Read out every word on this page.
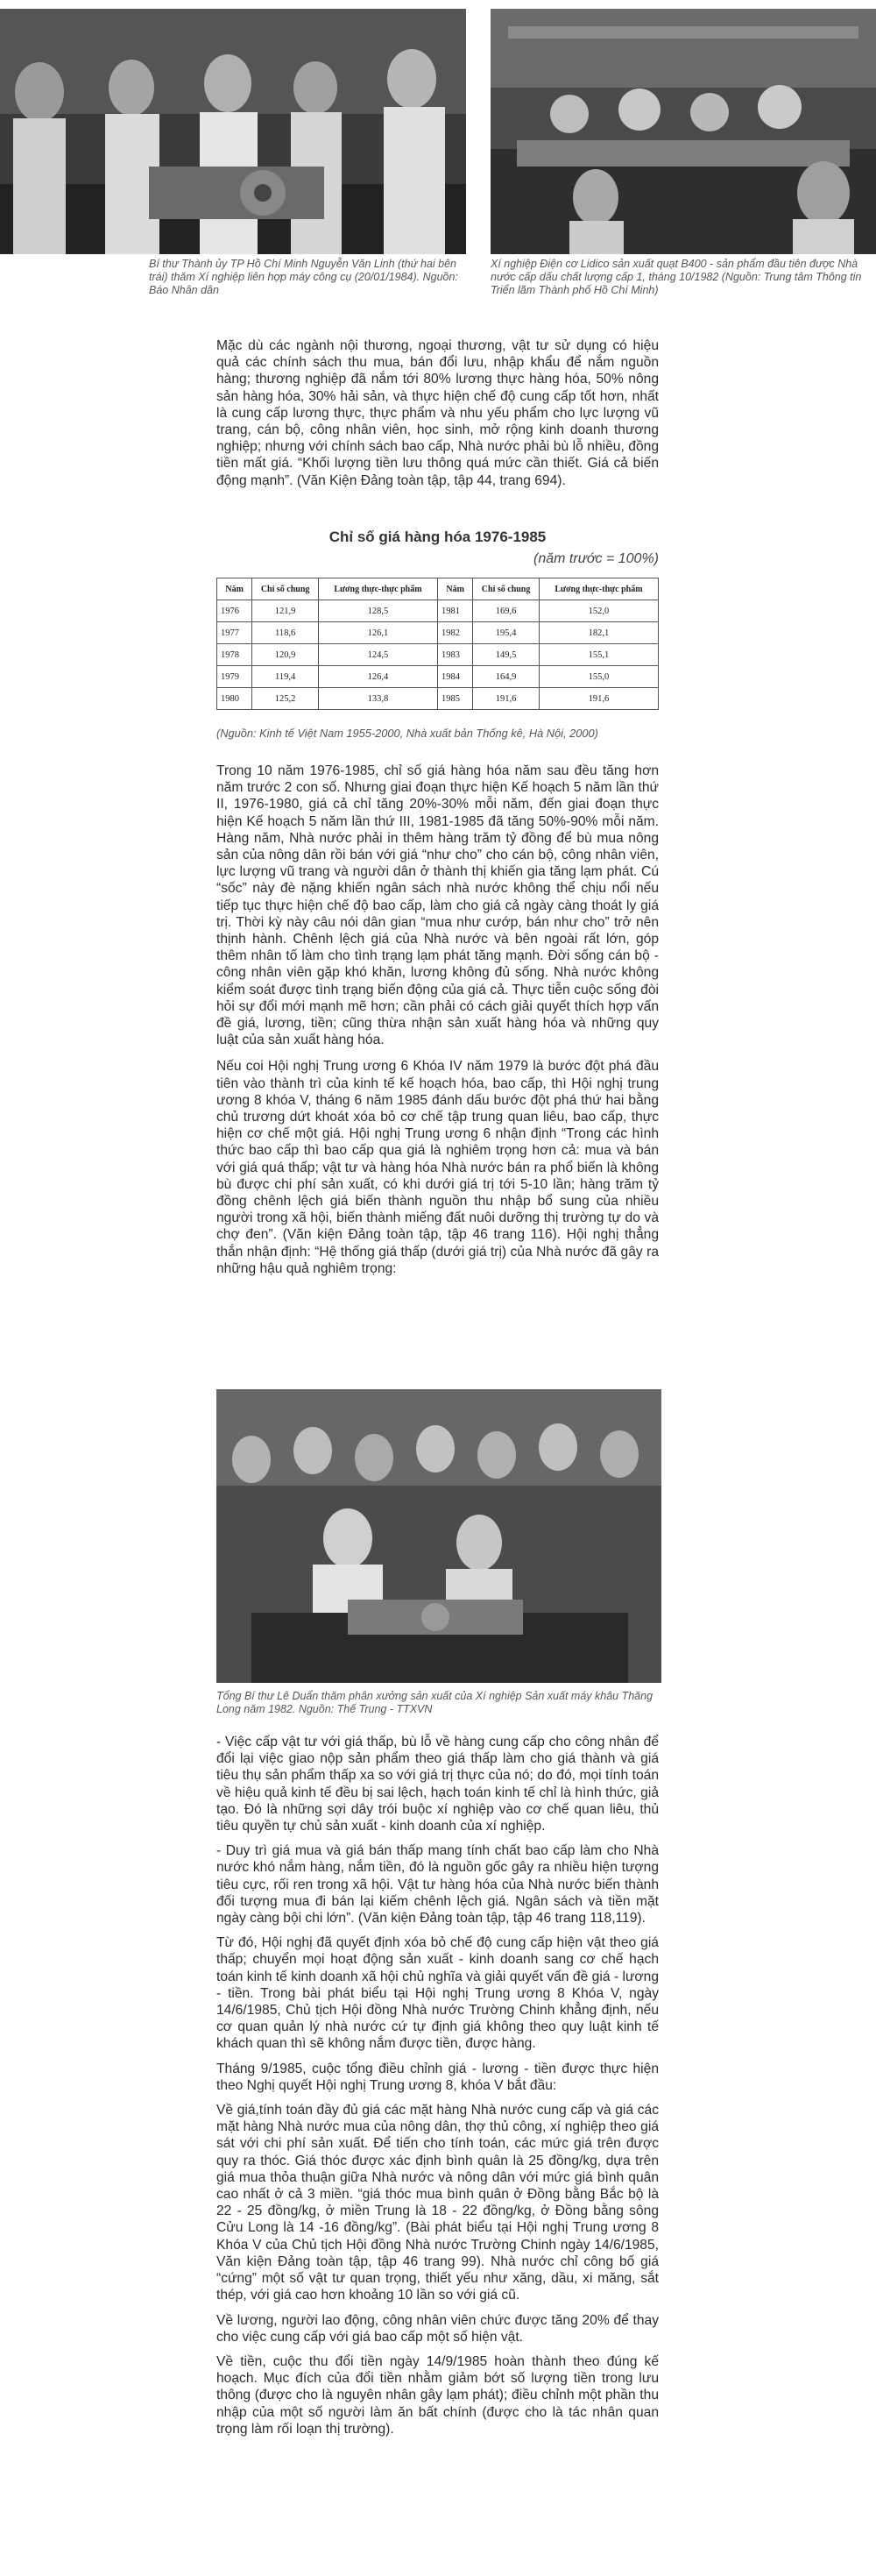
Bí thư Thành ủy TP Hồ Chí Minh Nguyễn Văn Linh (thứ hai bên trái) thăm Xí nghiệp liên hợp máy công cụ (20/01/1984). Nguồn: Báo Nhân dân
Xí nghiệp Điện cơ Lidico sản xuất quạt B400 - sản phẩm đầu tiên được Nhà nước cấp dấu chất lượng cấp 1, tháng 10/1982 (Nguồn: Trung tâm Thông tin Triển lãm Thành phố Hồ Chí Minh)

Mặc dù các ngành nội thương, ngoại thương, vật tư sử dụng có hiệu quả các chính sách thu mua, bán đổi lưu, nhập khẩu để nắm nguồn hàng; thương nghiệp đã nắm tới 80% lương thực hàng hóa, 50% nông sản hàng hóa, 30% hải sản, và thực hiện chế độ cung cấp tốt hơn, nhất là cung cấp lương thực, thực phẩm và nhu yếu phẩm cho lực lượng vũ trang, cán bộ, công nhân viên, học sinh, mở rộng kinh doanh thương nghiệp; nhưng với chính sách bao cấp, Nhà nước phải bù lỗ nhiều, đồng tiền mất giá. “Khối lượng tiền lưu thông quá mức cần thiết. Giá cả biến động mạnh”. (Văn Kiện Đảng toàn tập, tập 44, trang 694).

Chỉ số giá hàng hóa 1976-1985
(năm trước = 100%)
Năm	Chỉ số chung	Lương thực-thực phẩm	Năm	Chỉ số chung	Lương thực-thực phẩm
1976	121,9	128,5	1981	169,6	152,0
1977	118,6	126,1	1982	195,4	182,1
1978	120,9	124,5	1983	149,5	155,1
1979	119,4	126,4	1984	164,9	155,0
1980	125,2	133,8	1985	191,6	191,6
(Nguồn: Kinh tế Việt Nam 1955-2000, Nhà xuất bản Thống kê, Hà Nội, 2000)

Trong 10 năm 1976-1985, chỉ số giá hàng hóa năm sau đều tăng hơn năm trước 2 con số. Nhưng giai đoạn thực hiện Kế hoạch 5 năm lần thứ II, 1976-1980, giá cả chỉ tăng 20%-30% mỗi năm, đến giai đoạn thực hiện Kế hoạch 5 năm lần thứ III, 1981-1985 đã tăng 50%-90% mỗi năm. Hàng năm, Nhà nước phải in thêm hàng trăm tỷ đồng để bù mua nông sản của nông dân rồi bán với giá “như cho” cho cán bộ, công nhân viên, lực lượng vũ trang và người dân ở thành thị khiến gia tăng lạm phát. Cú “sốc” này đè nặng khiến ngân sách nhà nước không thể chịu nổi nếu tiếp tục thực hiện chế độ bao cấp, làm cho giá cả ngày càng thoát ly giá trị. Thời kỳ này câu nói dân gian “mua như cướp, bán như cho” trở nên thịnh hành. Chênh lệch giá của Nhà nước và bên ngoài rất lớn, góp thêm nhân tố làm cho tình trạng lạm phát tăng mạnh. Đời sống cán bộ - công nhân viên gặp khó khăn, lương không đủ sống. Nhà nước không kiểm soát được tình trạng biến động của giá cả. Thực tiễn cuộc sống đòi hỏi sự đổi mới mạnh mẽ hơn; cần phải có cách giải quyết thích hợp vấn đề giá, lương, tiền; cũng thừa nhận sản xuất hàng hóa và những quy luật của sản xuất hàng hóa.

Nếu coi Hội nghị Trung ương 6 Khóa IV năm 1979 là bước đột phá đầu tiên vào thành trì của kinh tế kế hoạch hóa, bao cấp, thì Hội nghị trung ương 8 khóa V, tháng 6 năm 1985 đánh dấu bước đột phá thứ hai bằng chủ trương dứt khoát xóa bỏ cơ chế tập trung quan liêu, bao cấp, thực hiện cơ chế một giá. Hội nghị Trung ương 6 nhận định “Trong các hình thức bao cấp thì bao cấp qua giá là nghiêm trọng hơn cả: mua và bán với giá quá thấp; vật tư và hàng hóa Nhà nước bán ra phổ biến là không bù được chi phí sản xuất, có khi dưới giá trị tới 5-10 lần; hàng trăm tỷ đồng chênh lệch giá biến thành nguồn thu nhập bổ sung của nhiều người trong xã hội, biến thành miếng đất nuôi dưỡng thị trường tự do và chợ đen”. (Văn kiện Đảng toàn tập, tập 46 trang 116). Hội nghị thẳng thắn nhận định: “Hệ thống giá thấp (dưới giá trị) của Nhà nước đã gây ra những hậu quả nghiêm trọng:

Tổng Bí thư Lê Duẩn thăm phân xưởng sản xuất của Xí nghiệp Sản xuất máy khâu Thăng Long năm 1982. Nguồn: Thế Trung - TTXVN

- Việc cấp vật tư với giá thấp, bù lỗ về hàng cung cấp cho công nhân để đổi lại việc giao nộp sản phẩm theo giá thấp làm cho giá thành và giá tiêu thụ sản phẩm thấp xa so với giá trị thực của nó; do đó, mọi tính toán về hiệu quả kinh tế đều bị sai lệch, hạch toán kinh tế chỉ là hình thức, giả tạo. Đó là những sợi dây trói buộc xí nghiệp vào cơ chế quan liêu, thủ tiêu quyền tự chủ sản xuất - kinh doanh của xí nghiệp.

- Duy trì giá mua và giá bán thấp mang tính chất bao cấp làm cho Nhà nước khó nắm hàng, nắm tiền, đó là nguồn gốc gây ra nhiều hiện tượng tiêu cực, rối ren trong xã hội. Vật tư hàng hóa của Nhà nước biến thành đối tượng mua đi bán lại kiếm chênh lệch giá. Ngân sách và tiền mặt ngày càng bội chi lớn”. (Văn kiện Đảng toàn tập, tập 46 trang 118,119).

Từ đó, Hội nghị đã quyết định xóa bỏ chế độ cung cấp hiện vật theo giá thấp; chuyển mọi hoạt động sản xuất - kinh doanh sang cơ chế hạch toán kinh tế kinh doanh xã hội chủ nghĩa và giải quyết vấn đề giá - lương - tiền. Trong bài phát biểu tại Hội nghị Trung ương 8 Khóa V, ngày 14/6/1985, Chủ tịch Hội đồng Nhà nước Trường Chinh khẳng định, nếu cơ quan quản lý nhà nước cứ tự định giá không theo quy luật kinh tế khách quan thì sẽ không nắm được tiền, được hàng.

Tháng 9/1985, cuộc tổng điều chỉnh giá - lương - tiền được thực hiện theo Nghị quyết Hội nghị Trung ương 8, khóa V bắt đầu:

Về giá,tính toán đầy đủ giá các mặt hàng Nhà nước cung cấp và giá các mặt hàng Nhà nước mua của nông dân, thợ thủ công, xí nghiệp theo giá sát với chi phí sản xuất. Để tiến cho tính toán, các mức giá trên được quy ra thóc. Giá thóc được xác định bình quân là 25 đồng/kg, dựa trên giá mua thỏa thuận giữa Nhà nước và nông dân với mức giá bình quân cao nhất ở cả 3 miền. “giá thóc mua bình quân ở Đồng bằng Bắc bộ là 22 - 25 đồng/kg, ở miền Trung là 18 - 22 đồng/kg, ở Đồng bằng sông Cửu Long là 14 -16 đồng/kg”. (Bài phát biểu tại Hội nghị Trung ương 8 Khóa V của Chủ tịch Hội đồng Nhà nước Trường Chinh ngày 14/6/1985, Văn kiện Đảng toàn tập, tập 46 trang 99). Nhà nước chỉ công bố giá “cứng” một số vật tư quan trọng, thiết yếu như xăng, dầu, xi măng, sắt thép, với giá cao hơn khoảng 10 lần so với giá cũ.

Về lương, người lao động, công nhân viên chức được tăng 20% để thay cho việc cung cấp với giá bao cấp một số hiện vật.

Về tiền, cuộc thu đổi tiền ngày 14/9/1985 hoàn thành theo đúng kế hoạch. Mục đích của đổi tiền nhằm giảm bớt số lượng tiền trong lưu thông (được cho là nguyên nhân gây lạm phát); điều chỉnh một phần thu nhập của một số người làm ăn bất chính (được cho là tác nhân quan trọng làm rối loạn thị trường).
